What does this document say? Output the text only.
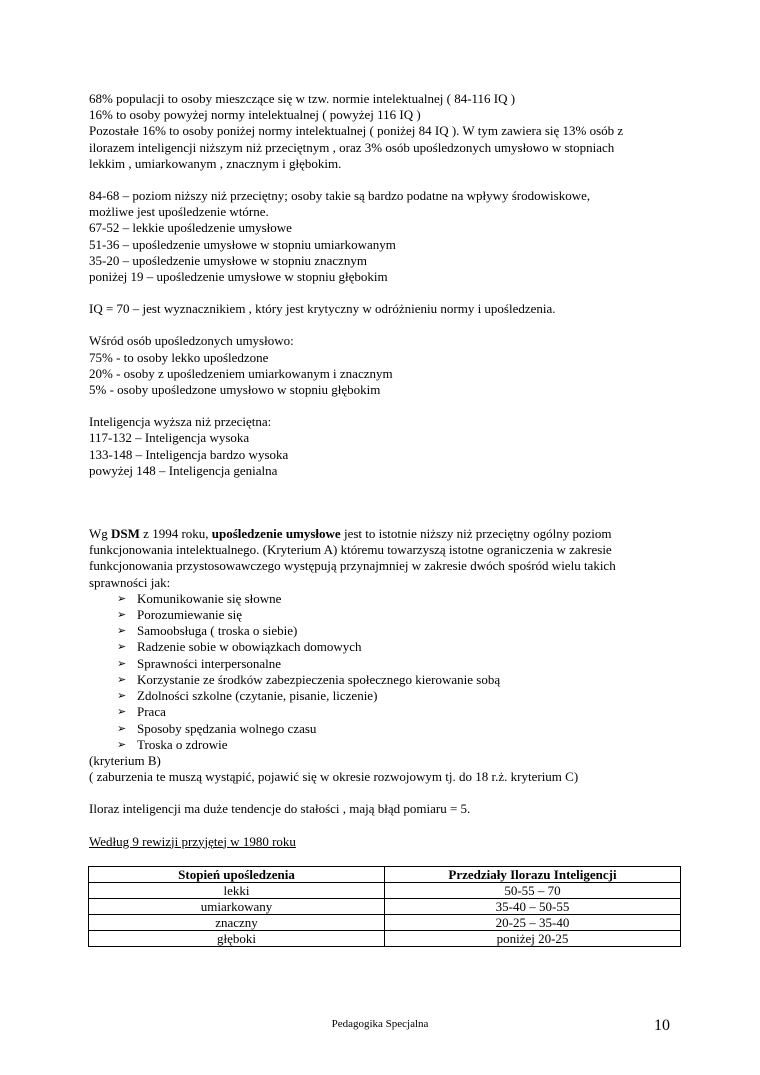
68% populacji to osoby mieszczące się w tzw. normie intelektualnej ( 84-116 IQ )
16% to osoby powyżej normy intelektualnej ( powyżej 116 IQ )
Pozostałe 16% to osoby poniżej normy intelektualnej ( poniżej 84 IQ ). W tym zawiera się 13% osób z
ilorazem inteligencji niższym niż przeciętnym , oraz 3% osób upośledzonych umysłowo w stopniach
lekkim , umiarkowanym , znacznym i głębokim.
84-68 – poziom niższy niż przeciętny; osoby takie są bardzo podatne na wpływy środowiskowe,
możliwe jest upośledzenie wtórne.
67-52 – lekkie upośledzenie umysłowe
51-36 – upośledzenie umysłowe w stopniu umiarkowanym
35-20 – upośledzenie umysłowe w stopniu znacznym
poniżej 19 – upośledzenie umysłowe w stopniu głębokim
IQ = 70 – jest wyznacznikiem , który jest krytyczny w odróżnieniu normy i upośledzenia.
Wśród osób upośledzonych umysłowo:
75% - to osoby lekko upośledzone
20% - osoby z upośledzeniem umiarkowanym i znacznym
5% - osoby upośledzone umysłowo w stopniu głębokim
Inteligencja wyższa niż przeciętna:
117-132 – Inteligencja wysoka
133-148 – Inteligencja bardzo wysoka
powyżej 148 – Inteligencja genialna
Wg DSM z 1994 roku, upośledzenie umysłowe jest to istotnie niższy niż przeciętny ogólny poziom
funkcjonowania intelektualnego. (Kryterium A) któremu towarzyszą istotne ograniczenia w zakresie
funkcjonowania przystosowawczego występują przynajmniej w zakresie dwóch spośród wielu takich
sprawności jak:
➢ Komunikowanie się słowne
➢ Porozumiewanie się
➢ Samoobsługa ( troska o siebie)
➢ Radzenie sobie w obowiązkach domowych
➢ Sprawności interpersonalne
➢ Korzystanie ze środków zabezpieczenia społecznego kierowanie sobą
➢ Zdolności szkolne (czytanie, pisanie, liczenie)
➢ Praca
➢ Sposoby spędzania wolnego czasu
➢ Troska o zdrowie
(kryterium B)
( zaburzenia te muszą wystąpić, pojawić się w okresie rozwojowym tj. do 18 r.ż. kryterium C)
Iloraz inteligencji ma duże tendencje do stałości , mają błąd pomiaru = 5.
Według 9 rewizji przyjętej w 1980 roku
Stopień upośledzenia	Przedziały Ilorazu Inteligencji
lekki	50-55 – 70
umiarkowany	35-40 – 50-55
znaczny	20-25 – 35-40
głęboki	poniżej 20-25
Pedagogika Specjalna	10
